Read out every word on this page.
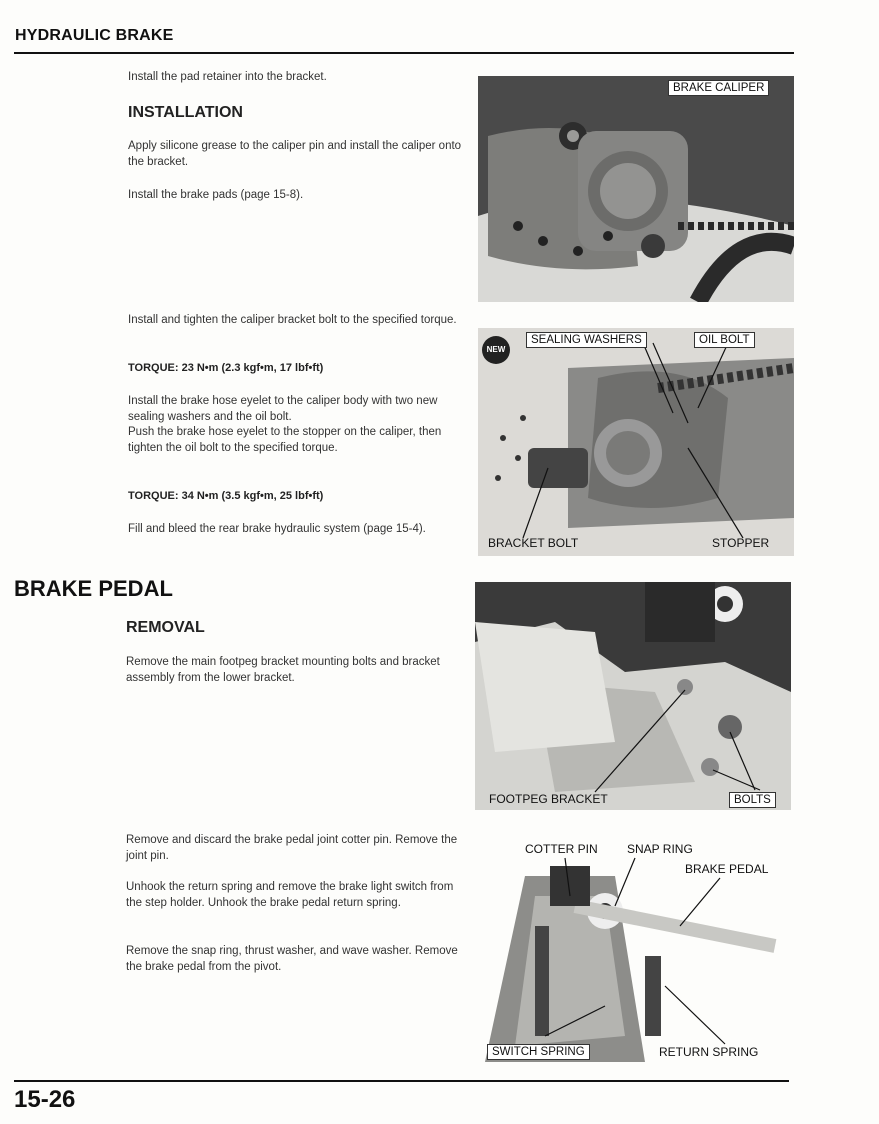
HYDRAULIC BRAKE
Install the pad retainer into the bracket.
INSTALLATION
Apply silicone grease to the caliper pin and install the caliper onto the bracket.
Install the brake pads (page 15-8).
Install and tighten the caliper bracket bolt to the specified torque.
TORQUE: 23 N•m (2.3 kgf•m, 17 lbf•ft)
Install the brake hose eyelet to the caliper body with two new sealing washers and the oil bolt.
Push the brake hose eyelet to the stopper on the caliper, then tighten the oil bolt to the specified torque.
TORQUE: 34 N•m (3.5 kgf•m, 25 lbf•ft)
Fill and bleed the rear brake hydraulic system (page 15-4).
BRAKE PEDAL
REMOVAL
Remove the main footpeg bracket mounting bolts and bracket assembly from the lower bracket.
Remove and discard the brake pedal joint cotter pin. Remove the joint pin.
Unhook the return spring and remove the brake light switch from the step holder. Unhook the brake pedal return spring.
Remove the snap ring, thrust washer, and wave washer. Remove the brake pedal from the pivot.
BRAKE CALIPER
NEW
SEALING WASHERS	OIL BOLT
BRACKET BOLT	STOPPER
FOOTPEG BRACKET	BOLTS
COTTER PIN SNAP RING
BRAKE PEDAL
SWITCH SPRING	RETURN SPRING
15-26
